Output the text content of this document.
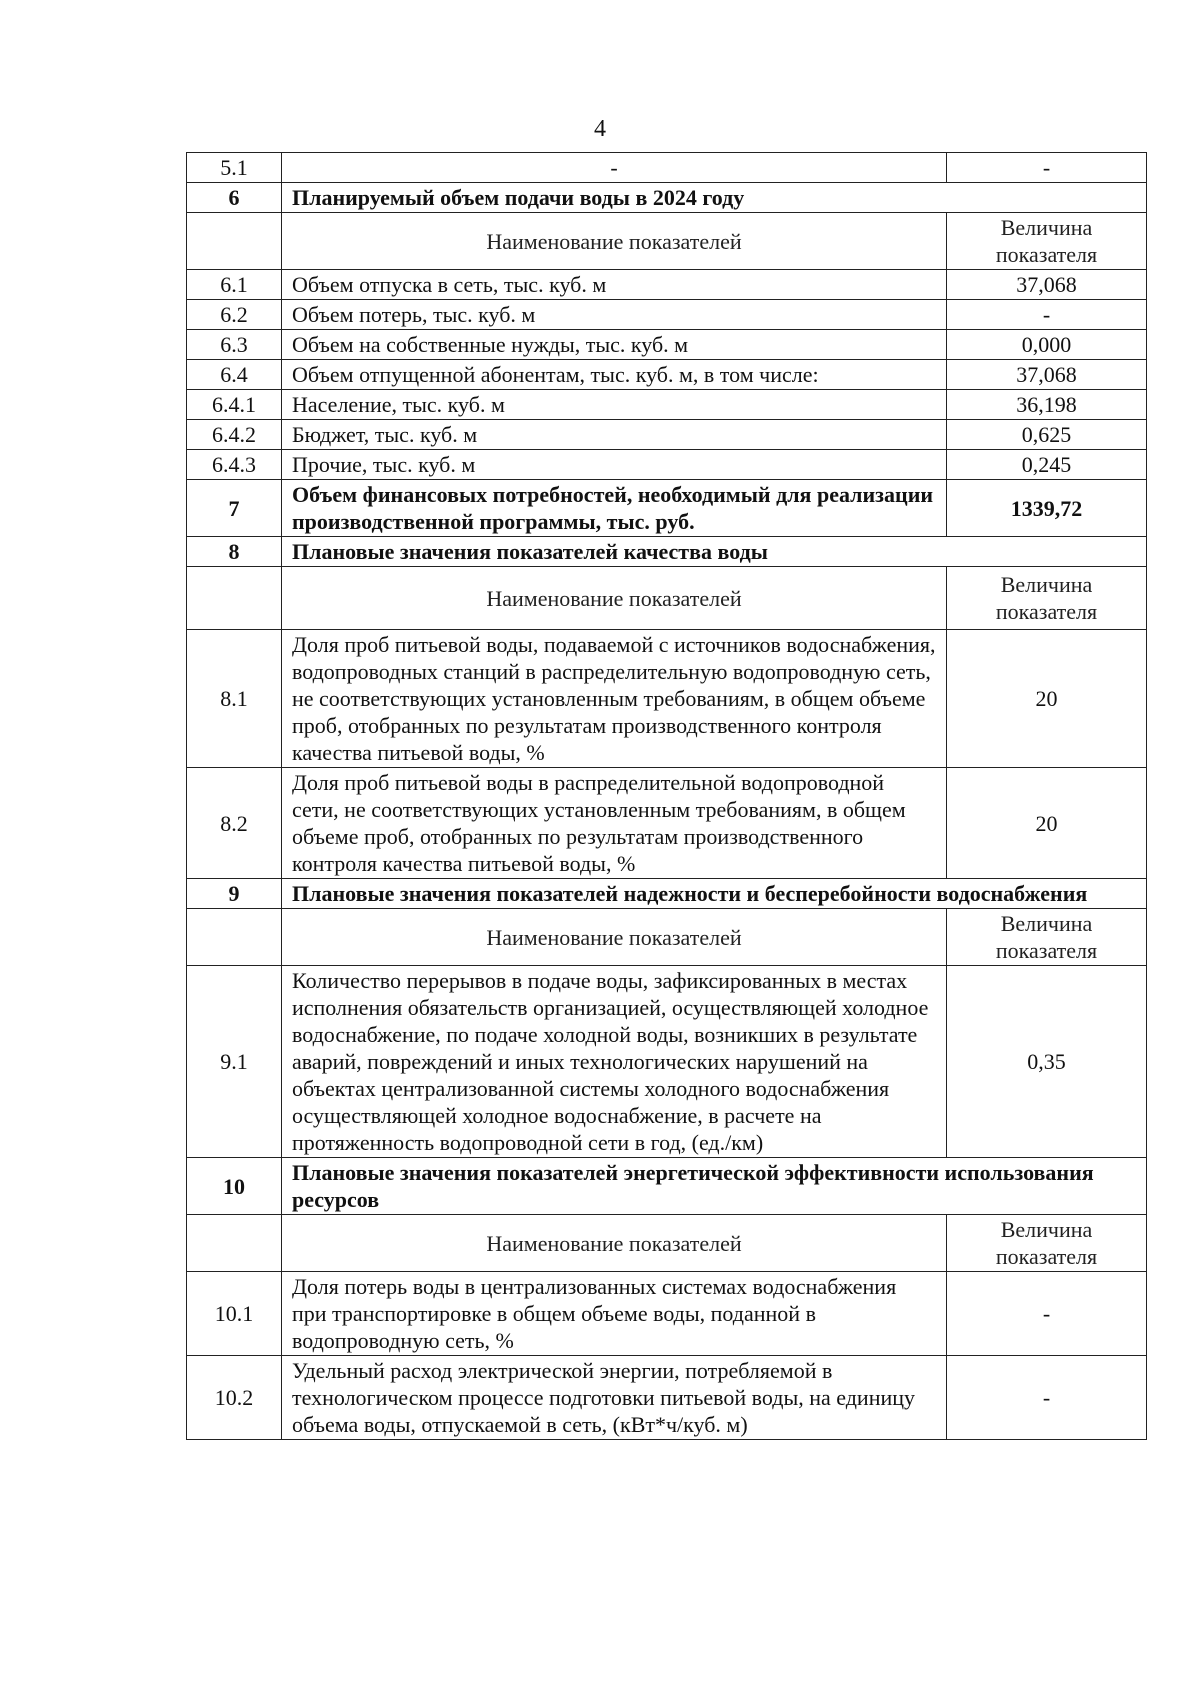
4
5.1	-	-
6	Планируемый объем подачи воды в 2024 году	
	Наименование показателей	Величина показателя
6.1	Объем отпуска в сеть, тыс. куб. м	37,068
6.2	Объем потерь, тыс. куб. м	-
6.3	Объем на собственные нужды, тыс. куб. м	0,000
6.4	Объем отпущенной абонентам, тыс. куб. м, в том числе:	37,068
6.4.1	Население, тыс. куб. м	36,198
6.4.2	Бюджет, тыс. куб. м	0,625
6.4.3	Прочие, тыс. куб. м	0,245
7	Объем финансовых потребностей, необходимый для реализации производственной программы, тыс. руб.	1339,72
8	Плановые значения показателей качества воды	
	Наименование показателей	Величина показателя
8.1	Доля проб питьевой воды, подаваемой с источников водоснабжения, водопроводных станций в распределительную водопроводную сеть, не соответствующих установленным требованиям, в общем объеме проб, отобранных по результатам производственного контроля качества питьевой воды, %	20
8.2	Доля проб питьевой воды в распределительной водопроводной сети, не соответствующих установленным требованиям, в общем объеме проб, отобранных по результатам производственного контроля качества питьевой воды, %	20
9	Плановые значения показателей надежности и бесперебойности водоснабжения	
	Наименование показателей	Величина показателя
9.1	Количество перерывов в подаче воды, зафиксированных в местах исполнения обязательств организацией, осуществляющей холодное водоснабжение, по подаче холодной воды, возникших в результате аварий, повреждений и иных технологических нарушений на объектах централизованной системы холодного водоснабжения осуществляющей холодное водоснабжение, в расчете на протяженность водопроводной сети в год, (ед./км)	0,35
10	Плановые значения показателей энергетической эффективности использования ресурсов	
	Наименование показателей	Величина показателя
10.1	Доля потерь воды в централизованных системах водоснабжения при транспортировке в общем объеме воды, поданной в водопроводную сеть, %	-
10.2	Удельный расход электрической энергии, потребляемой в технологическом процессе подготовки питьевой воды, на единицу объема воды, отпускаемой в сеть, (кВт*ч/куб. м)	-
